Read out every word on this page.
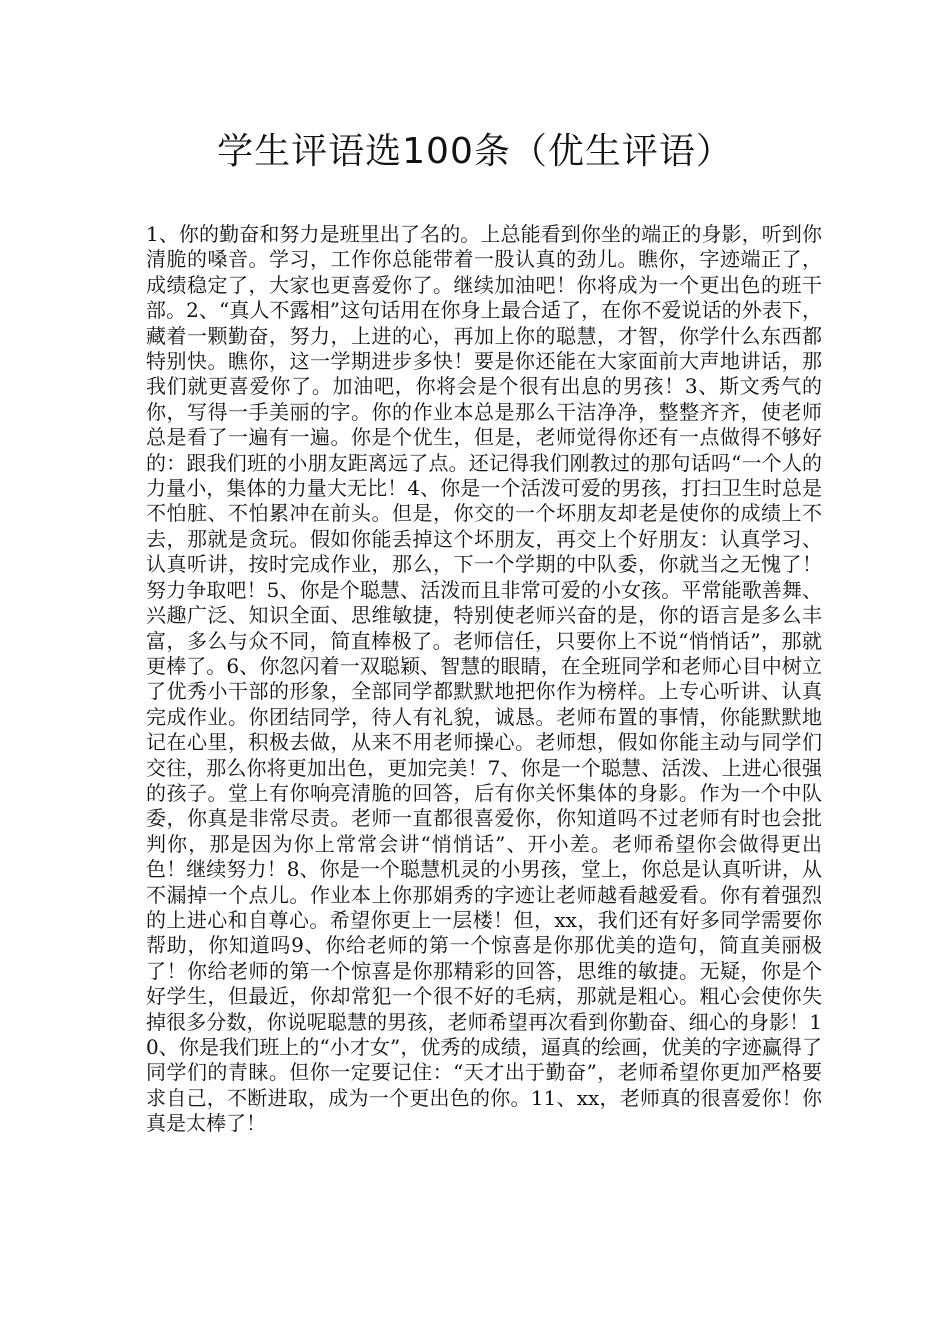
学生评语选100条（优生评语）

1、你的勤奋和努力是班里出了名的。上总能看到你坐的端正的身影，听到你清脆的嗓音。学习，工作你总能带着一股认真的劲儿。瞧你，字迹端正了，成绩稳定了，大家也更喜爱你了。继续加油吧！你将成为一个更出色的班干部。2、“真人不露相”这句话用在你身上最合适了，在你不爱说话的外表下，藏着一颗勤奋，努力，上进的心，再加上你的聪慧，才智，你学什么东西都特别快。瞧你，这一学期进步多快！要是你还能在大家面前大声地讲话，那我们就更喜爱你了。加油吧，你将会是个很有出息的男孩！3、斯文秀气的你，写得一手美丽的字。你的作业本总是那么干洁净净，整整齐齐，使老师总是看了一遍有一遍。你是个优生，但是，老师觉得你还有一点做得不够好的：跟我们班的小朋友距离远了点。还记得我们刚教过的那句话吗“一个人的力量小，集体的力量大无比！4、你是一个活泼可爱的男孩，打扫卫生时总是不怕脏、不怕累冲在前头。但是，你交的一个坏朋友却老是使你的成绩上不去，那就是贪玩。假如你能丢掉这个坏朋友，再交上个好朋友：认真学习、认真听讲，按时完成作业，那么，下一个学期的中队委，你就当之无愧了！努力争取吧！5、你是个聪慧、活泼而且非常可爱的小女孩。平常能歌善舞、兴趣广泛、知识全面、思维敏捷，特别使老师兴奋的是，你的语言是多么丰富，多么与众不同，简直棒极了。老师信任，只要你上不说“悄悄话”，那就更棒了。6、你忽闪着一双聪颖、智慧的眼睛，在全班同学和老师心目中树立了优秀小干部的形象，全部同学都默默地把你作为榜样。上专心听讲、认真完成作业。你团结同学，待人有礼貌，诚恳。老师布置的事情，你能默默地记在心里，积极去做，从来不用老师操心。老师想，假如你能主动与同学们交往，那么你将更加出色，更加完美！7、你是一个聪慧、活泼、上进心很强的孩子。堂上有你响亮清脆的回答，后有你关怀集体的身影。作为一个中队委，你真是非常尽责。老师一直都很喜爱你，你知道吗不过老师有时也会批判你，那是因为你上常常会讲“悄悄话”、开小差。老师希望你会做得更出色！继续努力！8、你是一个聪慧机灵的小男孩，堂上，你总是认真听讲，从不漏掉一个点儿。作业本上你那娟秀的字迹让老师越看越爱看。你有着强烈的上进心和自尊心。希望你更上一层楼！但，xx，我们还有好多同学需要你帮助，你知道吗9、你给老师的第一个惊喜是你那优美的造句，简直美丽极了！你给老师的第一个惊喜是你那精彩的回答，思维的敏捷。无疑，你是个好学生，但最近，你却常犯一个很不好的毛病，那就是粗心。粗心会使你失掉很多分数，你说呢聪慧的男孩，老师希望再次看到你勤奋、细心的身影！10、你是我们班上的“小才女”，优秀的成绩，逼真的绘画，优美的字迹赢得了同学们的青睐。但你一定要记住：“天才出于勤奋”，老师希望你更加严格要求自己，不断进取，成为一个更出色的你。11、xx，老师真的很喜爱你！你真是太棒了！
